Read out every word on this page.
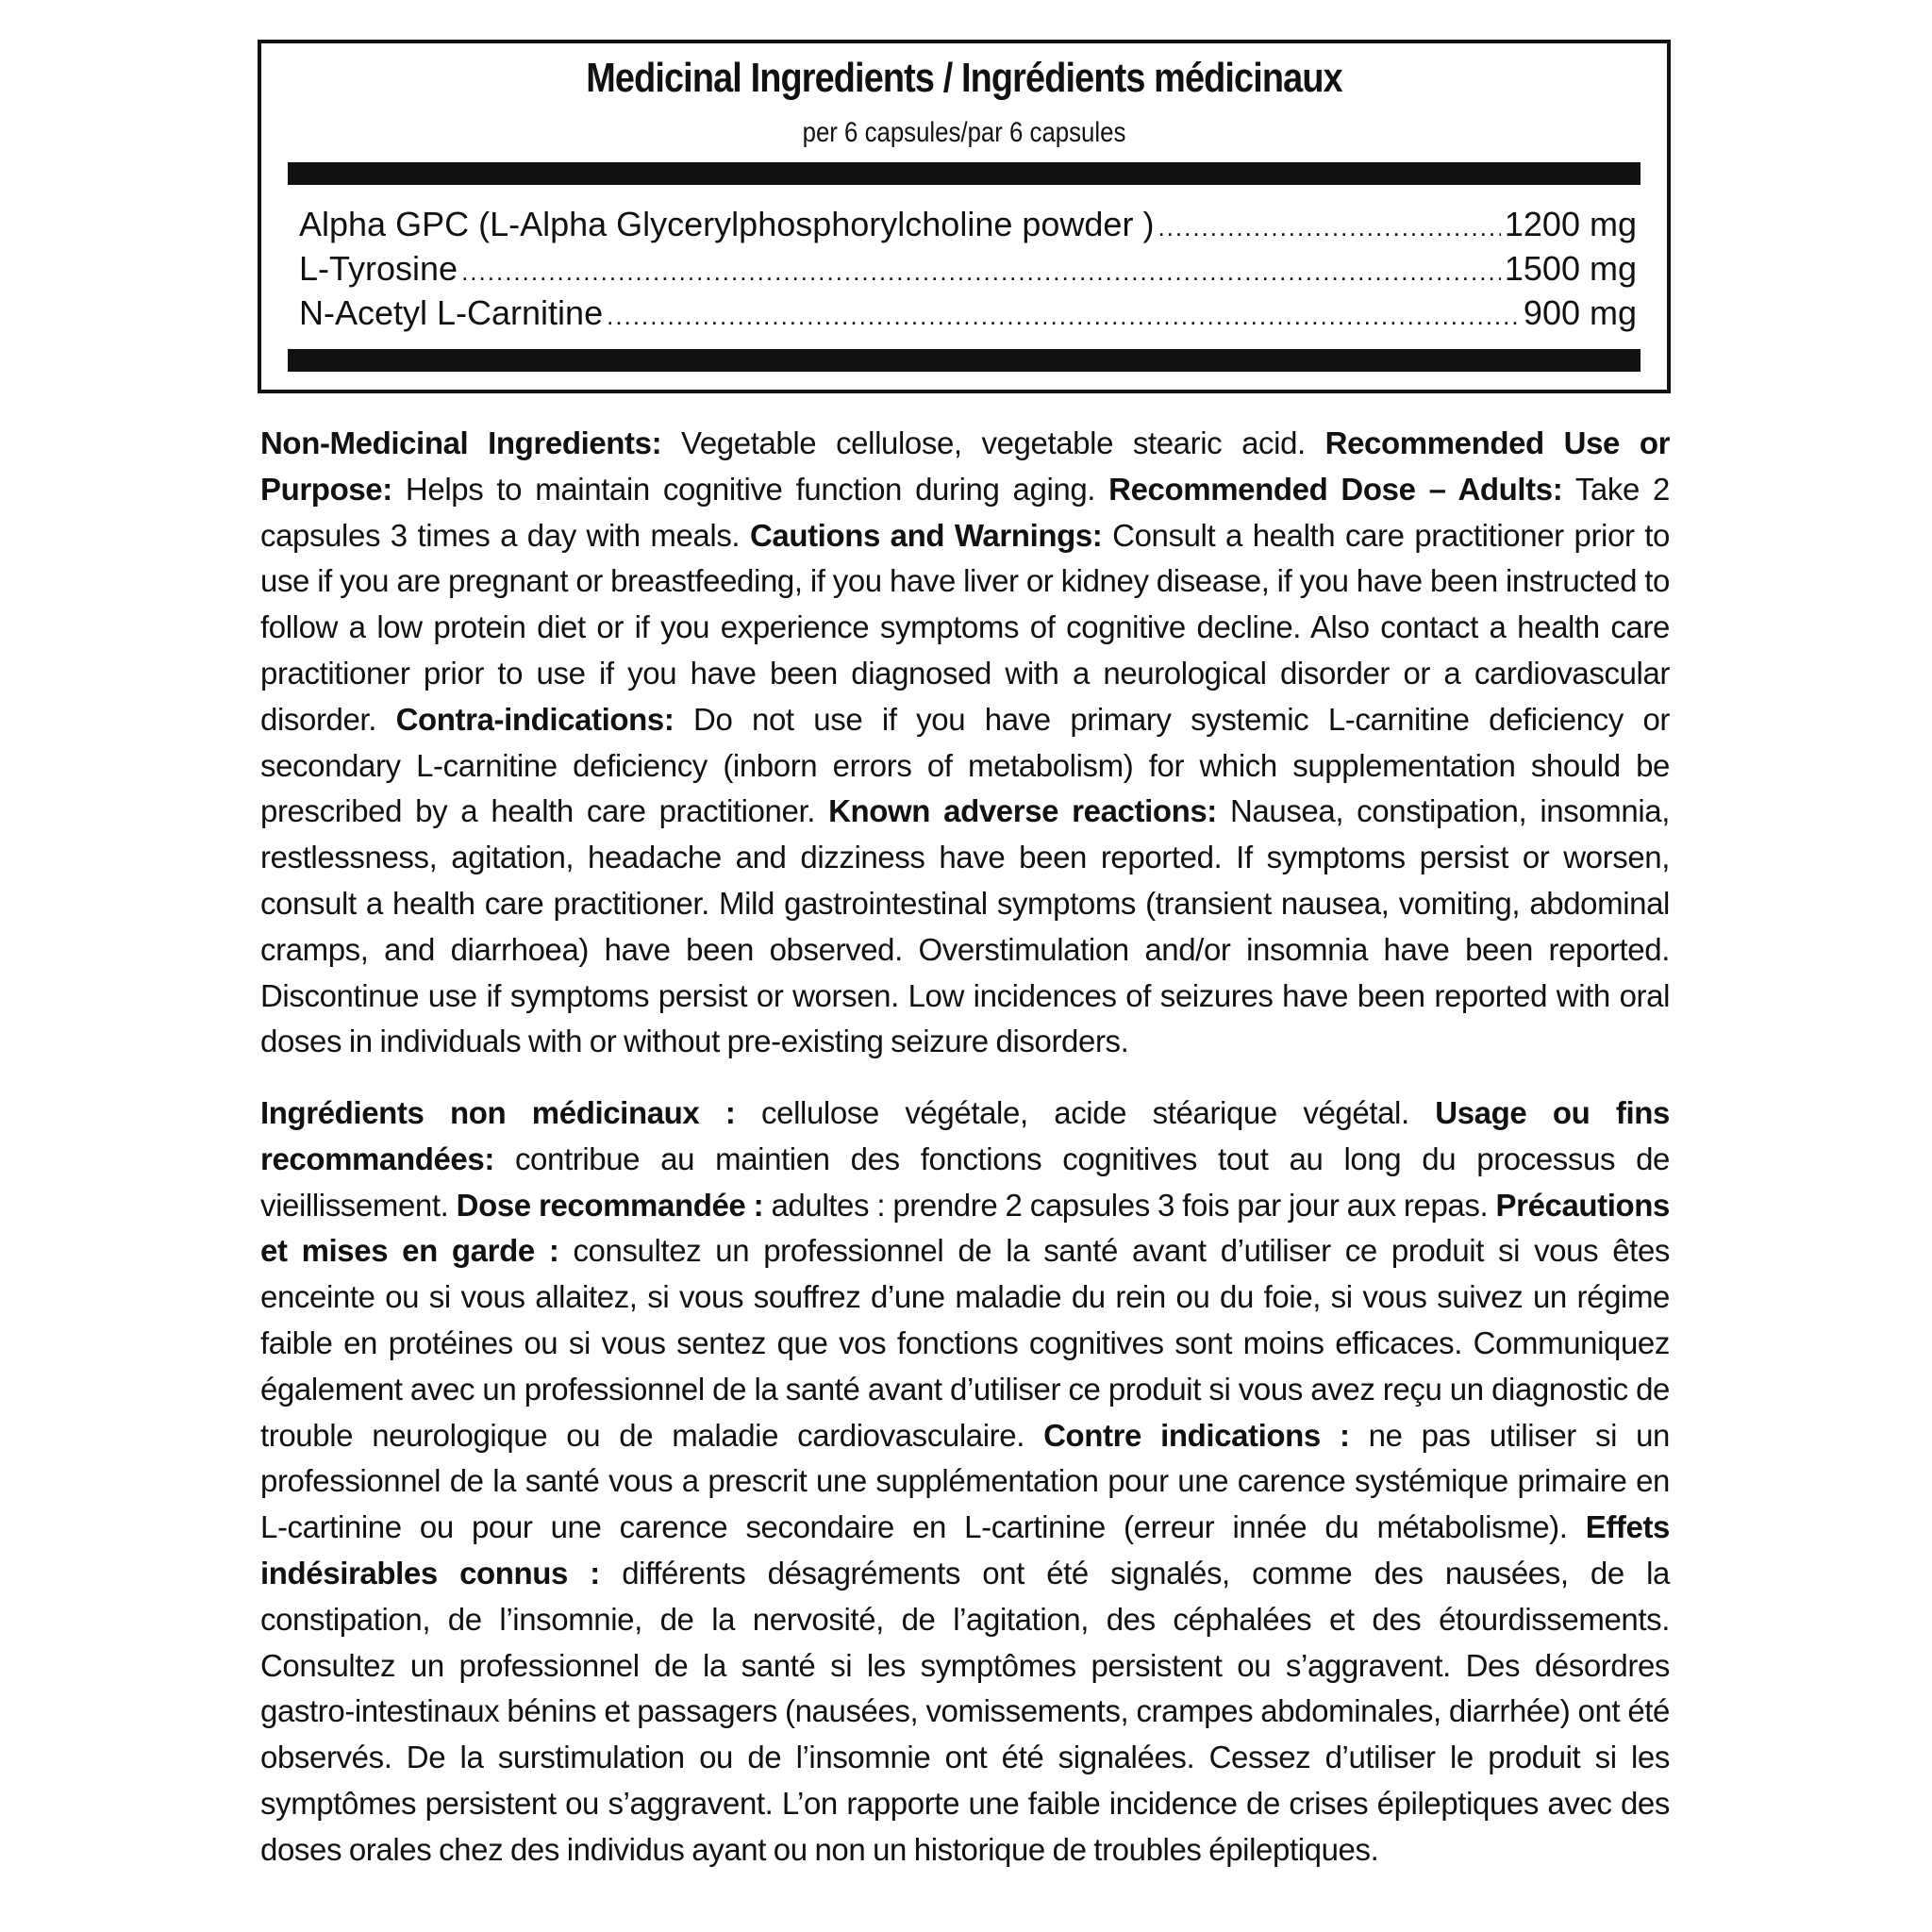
Medicinal Ingredients / Ingrédients médicinaux
per 6 capsules/par 6 capsules
Alpha GPC (L-Alpha Glycerylphosphorylcholine powder ) .....	1200 mg
L-Tyrosine .....	1500 mg
N-Acetyl L-Carnitine .....	900 mg
Non-Medicinal Ingredients: Vegetable cellulose, vegetable stearic acid. Recommended Use or Purpose: Helps to maintain cognitive function during aging. Recommended Dose – Adults: Take 2 capsules 3 times a day with meals. Cautions and Warnings: Consult a health care practitioner prior to use if you are pregnant or breastfeeding, if you have liver or kidney disease, if you have been instructed to follow a low protein diet or if you experience symptoms of cognitive decline. Also contact a health care practitioner prior to use if you have been diagnosed with a neurological disorder or a cardiovascular disorder. Contra-indications: Do not use if you have primary systemic L-carnitine deficiency or secondary L-carnitine deficiency (inborn errors of metabolism) for which supplementation should be prescribed by a health care practitioner. Known adverse reactions: Nausea, constipation, insomnia, restlessness, agitation, headache and dizziness have been reported. If symptoms persist or worsen, consult a health care practitioner. Mild gastrointestinal symptoms (transient nausea, vomiting, abdominal cramps, and diarrhoea) have been observed. Overstimulation and/or insomnia have been reported. Discontinue use if symptoms persist or worsen. Low incidences of seizures have been reported with oral doses in individuals with or without pre-existing seizure disorders.
Ingrédients non médicinaux : cellulose végétale, acide stéarique végétal. Usage ou fins recommandées: contribue au maintien des fonctions cognitives tout au long du processus de vieillissement. Dose recommandée : adultes : prendre 2 capsules 3 fois par jour aux repas. Précautions et mises en garde : consultez un professionnel de la santé avant d’utiliser ce produit si vous êtes enceinte ou si vous allaitez, si vous souffrez d’une maladie du rein ou du foie, si vous suivez un régime faible en protéines ou si vous sentez que vos fonctions cognitives sont moins efficaces. Communiquez également avec un professionnel de la santé avant d’utiliser ce produit si vous avez reçu un diagnostic de trouble neurologique ou de maladie cardiovasculaire. Contre indications : ne pas utiliser si un professionnel de la santé vous a prescrit une supplémentation pour une carence systémique primaire en L-cartinine ou pour une carence secondaire en L-cartinine (erreur innée du métabolisme). Effets indésirables connus : différents désagréments ont été signalés, comme des nausées, de la constipation, de l’insomnie, de la nervosité, de l’agitation, des céphalées et des étourdissements. Consultez un professionnel de la santé si les symptômes persistent ou s’aggravent. Des désordres gastro-intestinaux bénins et passagers (nausées, vomissements, crampes abdominales, diarrhée) ont été observés. De la surstimulation ou de l’insomnie ont été signalées. Cessez d’utiliser le produit si les symptômes persistent ou s’aggravent. L’on rapporte une faible incidence de crises épileptiques avec des doses orales chez des individus ayant ou non un historique de troubles épileptiques.
